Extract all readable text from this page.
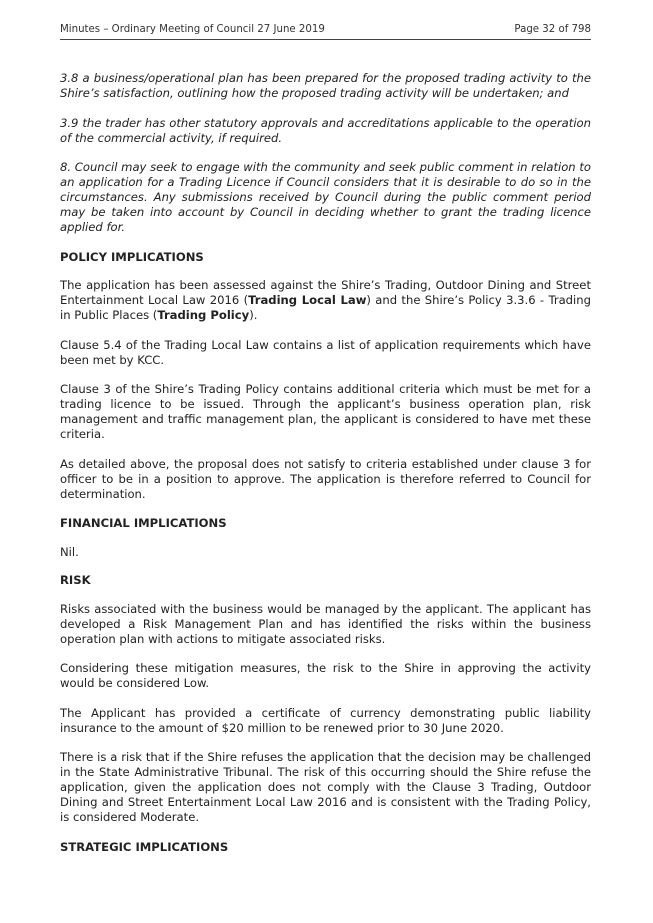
Minutes – Ordinary Meeting of Council 27 June 2019	Page 32 of 798

3.8 a business/operational plan has been prepared for the proposed trading activity to the Shire’s satisfaction, outlining how the proposed trading activity will be undertaken; and

3.9 the trader has other statutory approvals and accreditations applicable to the operation of the commercial activity, if required.

8. Council may seek to engage with the community and seek public comment in relation to an application for a Trading Licence if Council considers that it is desirable to do so in the circumstances. Any submissions received by Council during the public comment period may be taken into account by Council in deciding whether to grant the trading licence applied for.

POLICY IMPLICATIONS

The application has been assessed against the Shire’s Trading, Outdoor Dining and Street Entertainment Local Law 2016 (Trading Local Law) and the Shire’s Policy 3.3.6 - Trading in Public Places (Trading Policy).

Clause 5.4 of the Trading Local Law contains a list of application requirements which have been met by KCC.

Clause 3 of the Shire’s Trading Policy contains additional criteria which must be met for a trading licence to be issued. Through the applicant’s business operation plan, risk management and traffic management plan, the applicant is considered to have met these criteria.

As detailed above, the proposal does not satisfy to criteria established under clause 3 for officer to be in a position to approve. The application is therefore referred to Council for determination.

FINANCIAL IMPLICATIONS

Nil.

RISK

Risks associated with the business would be managed by the applicant. The applicant has developed a Risk Management Plan and has identified the risks within the business operation plan with actions to mitigate associated risks.

Considering these mitigation measures, the risk to the Shire in approving the activity would be considered Low.

The Applicant has provided a certificate of currency demonstrating public liability insurance to the amount of $20 million to be renewed prior to 30 June 2020.

There is a risk that if the Shire refuses the application that the decision may be challenged in the State Administrative Tribunal. The risk of this occurring should the Shire refuse the application, given the application does not comply with the Clause 3 Trading, Outdoor Dining and Street Entertainment Local Law 2016 and is consistent with the Trading Policy, is considered Moderate.

STRATEGIC IMPLICATIONS
